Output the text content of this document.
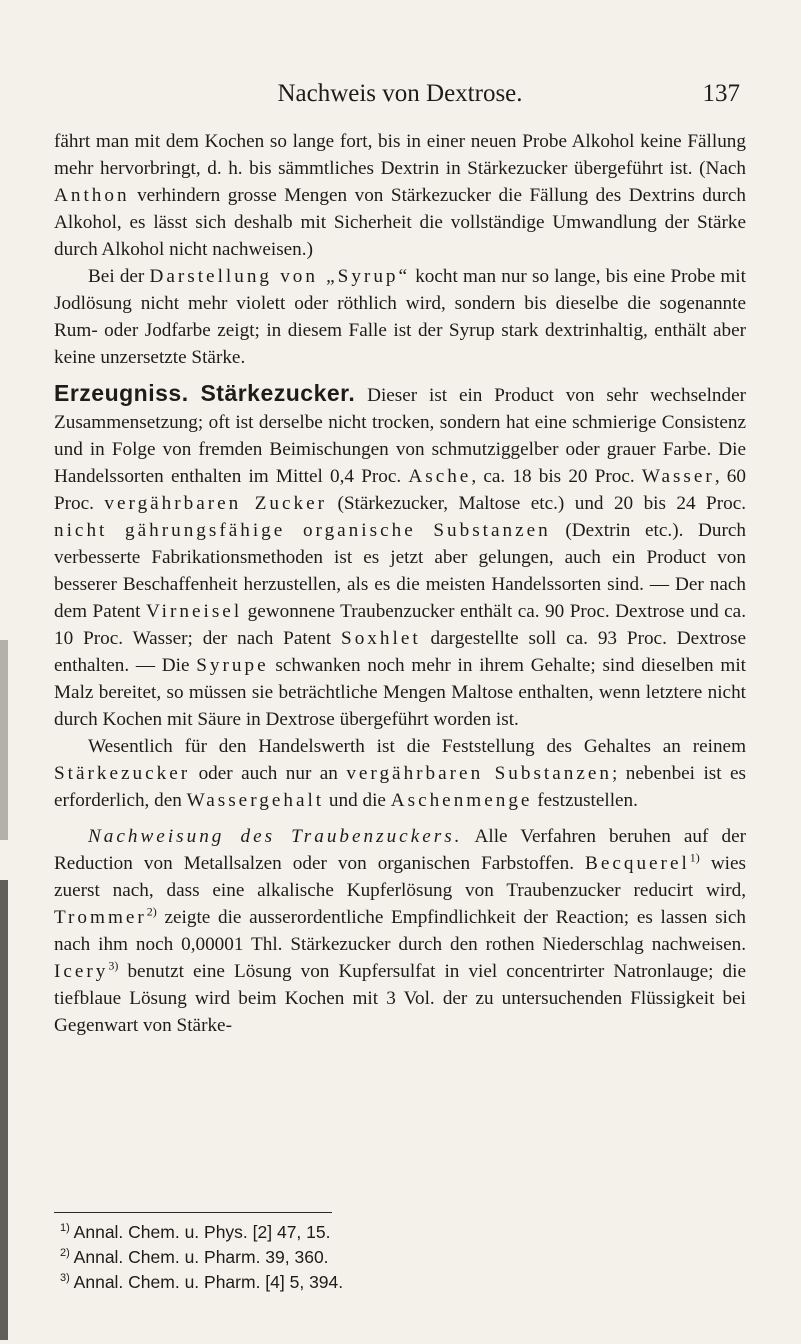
Nachweis von Dextrose.	137

fährt man mit dem Kochen so lange fort, bis in einer neuen Probe Alkohol keine Fällung mehr hervorbringt, d. h. bis sämmtliches Dextrin in Stärkezucker übergeführt ist. (Nach Anthon verhindern grosse Mengen von Stärkezucker die Fällung des Dextrins durch Alkohol, es lässt sich deshalb mit Sicherheit die vollständige Umwandlung der Stärke durch Alkohol nicht nachweisen.)

Bei der Darstellung von „Syrup“ kocht man nur so lange, bis eine Probe mit Jodlösung nicht mehr violett oder röthlich wird, sondern bis dieselbe die sogenannte Rum- oder Jodfarbe zeigt; in diesem Falle ist der Syrup stark dextrinhaltig, enthält aber keine unzersetzte Stärke.

Erzeugniss. Stärkezucker. Dieser ist ein Product von sehr wechselnder Zusammensetzung; oft ist derselbe nicht trocken, sondern hat eine schmierige Consistenz und in Folge von fremden Beimischungen von schmutziggelber oder grauer Farbe. Die Handelssorten enthalten im Mittel 0,4 Proc. Asche, ca. 18 bis 20 Proc. Wasser, 60 Proc. vergährbaren Zucker (Stärkezucker, Maltose etc.) und 20 bis 24 Proc. nicht gährungsfähige organische Substanzen (Dextrin etc.). Durch verbesserte Fabrikationsmethoden ist es jetzt aber gelungen, auch ein Product von besserer Beschaffenheit herzustellen, als es die meisten Handelssorten sind. — Der nach dem Patent Virneisel gewonnene Traubenzucker enthält ca. 90 Proc. Dextrose und ca. 10 Proc. Wasser; der nach Patent Soxhlet dargestellte soll ca. 93 Proc. Dextrose enthalten. — Die Syrupe schwanken noch mehr in ihrem Gehalte; sind dieselben mit Malz bereitet, so müssen sie beträchtliche Mengen Maltose enthalten, wenn letztere nicht durch Kochen mit Säure in Dextrose übergeführt worden ist.

Wesentlich für den Handelswerth ist die Feststellung des Gehaltes an reinem Stärkezucker oder auch nur an vergährbaren Substanzen; nebenbei ist es erforderlich, den Wassergehalt und die Aschenmenge festzustellen.

Nachweisung des Traubenzuckers. Alle Verfahren beruhen auf der Reduction von Metallsalzen oder von organischen Farbstoffen. Becquerel$^{1)}$ wies zuerst nach, dass eine alkalische Kupferlösung von Traubenzucker reducirt wird, Trommer$^{2)}$ zeigte die ausserordentliche Empfindlichkeit der Reaction; es lassen sich nach ihm noch 0,00001 Thl. Stärkezucker durch den rothen Niederschlag nachweisen. Icery$^{3)}$ benutzt eine Lösung von Kupfersulfat in viel concentrirter Natronlauge; die tiefblaue Lösung wird beim Kochen mit 3 Vol. der zu untersuchenden Flüssigkeit bei Gegenwart von Stärke-

$^{1)}$ Annal. Chem. u. Phys. [2] 47, 15.

$^{2)}$ Annal. Chem. u. Pharm. 39, 360.

$^{3)}$ Annal. Chem. u. Pharm. [4] 5, 394.
